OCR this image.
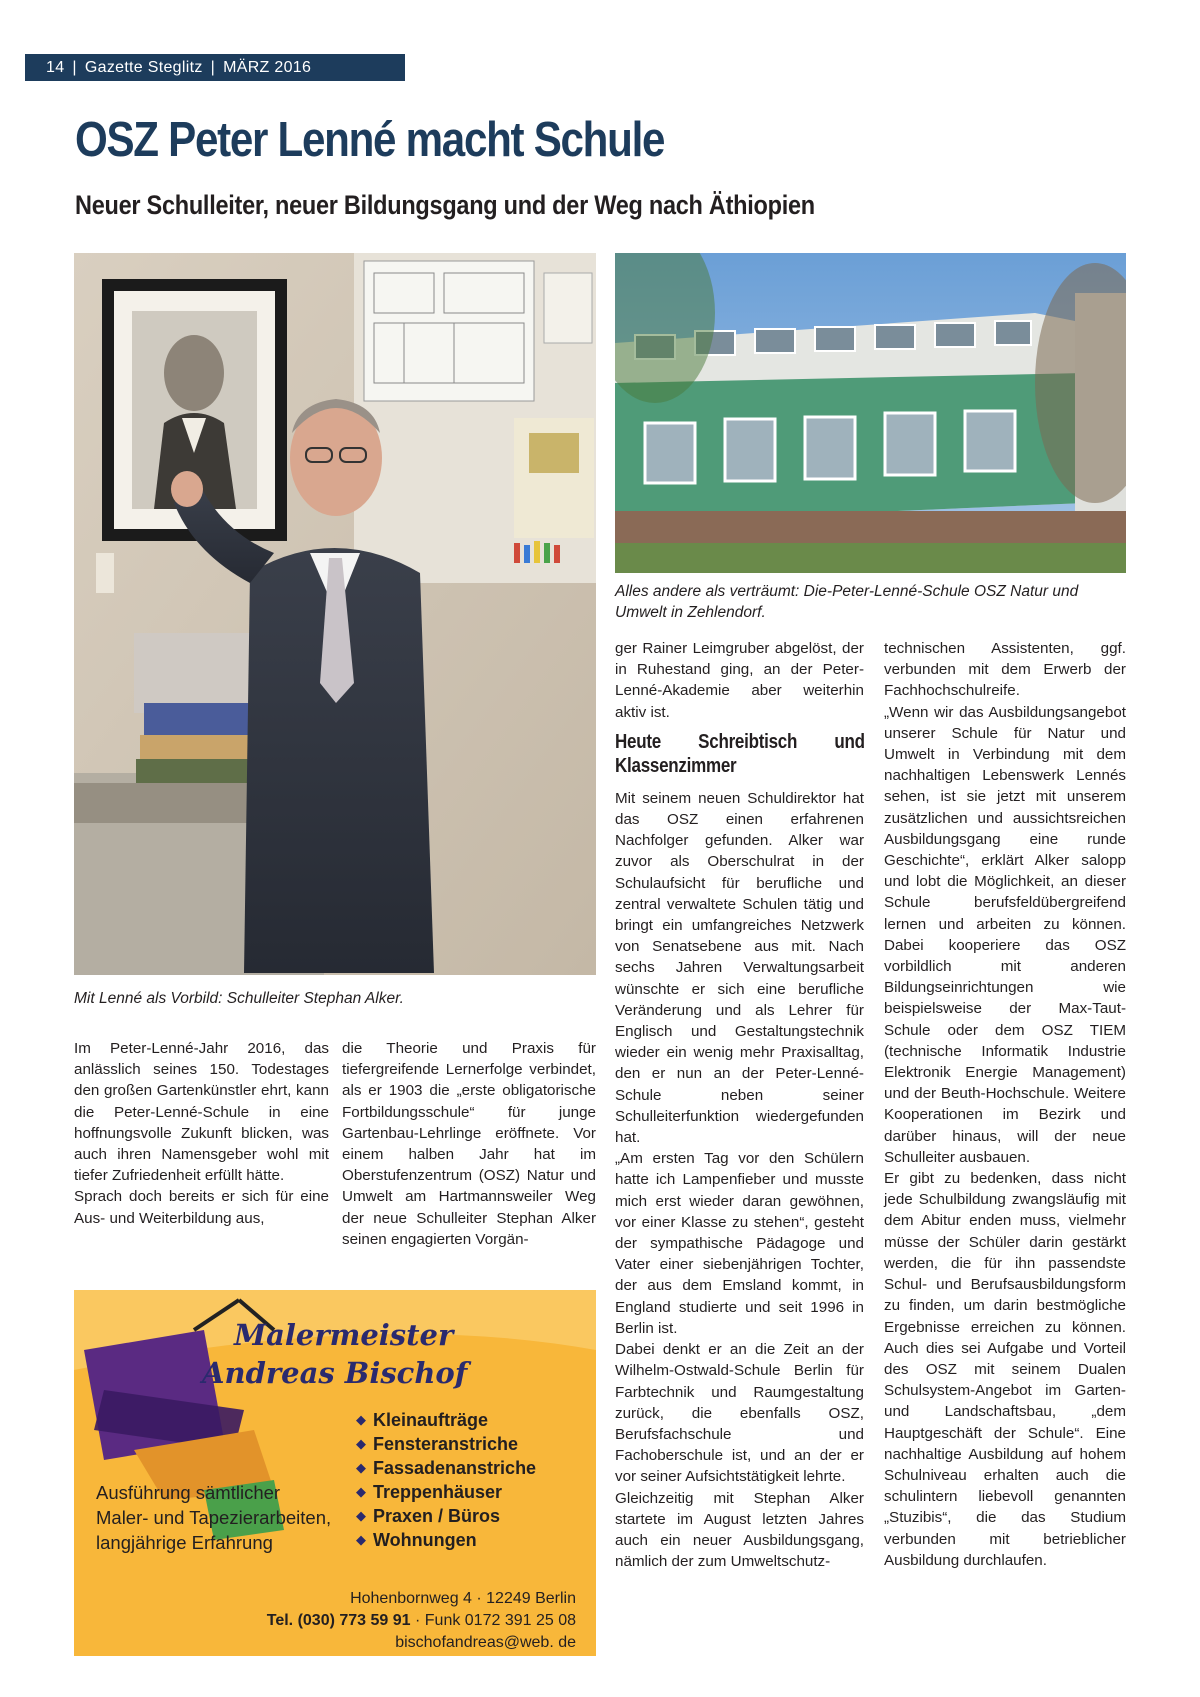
14 | Gazette Steglitz | MÄRZ 2016
OSZ Peter Lenné macht Schule
Neuer Schulleiter, neuer Bildungsgang und der Weg nach Äthiopien
Mit Lenné als Vorbild: Schulleiter Stephan Alker.
Alles andere als verträumt: Die-Peter-Lenné-Schule OSZ Natur und Umwelt in Zehlendorf.

Im Peter-Lenné-Jahr 2016, das anlässlich seines 150. Todestages den großen Gartenkünstler ehrt, kann die Peter-Lenné-Schule in eine hoffnungsvolle Zukunft blicken, was auch ihren Namensgeber wohl mit tiefer Zufriedenheit erfüllt hätte.

Sprach doch bereits er sich für eine Aus- und Weiterbildung aus,

die Theorie und Praxis für tiefergreifende Lernerfolge verbindet, als er 1903 die „erste obligatorische Fortbildungsschule“ für junge Gartenbau-Lehrlinge eröffnete. Vor einem halben Jahr hat im Oberstufenzentrum (OSZ) Natur und Umwelt am Hartmannsweiler Weg der neue Schulleiter Stephan Alker seinen engagierten Vorgän-

ger Rainer Leimgruber abgelöst, der in Ruhestand ging, an der Peter-Lenné-Akademie aber weiterhin aktiv ist.

Heute Schreibtisch und Klassenzimmer

Mit seinem neuen Schuldirektor hat das OSZ einen erfahrenen Nachfolger gefunden. Alker war zuvor als Oberschulrat in der Schulaufsicht für berufliche und zentral verwaltete Schulen tätig und bringt ein umfangreiches Netzwerk von Senatsebene aus mit. Nach sechs Jahren Verwaltungsarbeit wünschte er sich eine berufliche Veränderung und als Lehrer für Englisch und Gestaltungstechnik wieder ein wenig mehr Praxisalltag, den er nun an der Peter-Lenné-Schule neben seiner Schulleiterfunktion wiedergefunden hat.

„Am ersten Tag vor den Schülern hatte ich Lampenfieber und musste mich erst wieder daran gewöhnen, vor einer Klasse zu stehen“, gesteht der sympathische Pädagoge und Vater einer siebenjährigen Tochter, der aus dem Emsland kommt, in England studierte und seit 1996 in Berlin ist.

Dabei denkt er an die Zeit an der Wilhelm-Ostwald-Schule Berlin für Farbtechnik und Raumgestaltung zurück, die ebenfalls OSZ, Berufsfachschule und Fachoberschule ist, und an der er vor seiner Aufsichtstätigkeit lehrte.

Gleichzeitig mit Stephan Alker startete im August letzten Jahres auch ein neuer Ausbildungsgang, nämlich der zum Umweltschutz-

technischen Assistenten, ggf. verbunden mit dem Erwerb der Fachhochschulreife.

„Wenn wir das Ausbildungsangebot unserer Schule für Natur und Umwelt in Verbindung mit dem nachhaltigen Lebenswerk Lennés sehen, ist sie jetzt mit unserem zusätzlichen und aussichtsreichen Ausbildungsgang eine runde Geschichte“, erklärt Alker salopp und lobt die Möglichkeit, an dieser Schule berufsfeldübergreifend lernen und arbeiten zu können. Dabei kooperiere das OSZ vorbildlich mit anderen Bildungseinrichtungen wie beispielsweise der Max-Taut-Schule oder dem OSZ TIEM (technische Informatik Industrie Elektronik Energie Management) und der Beuth-Hochschule. Weitere Kooperationen im Bezirk und darüber hinaus, will der neue Schulleiter ausbauen.

Er gibt zu bedenken, dass nicht jede Schulbildung zwangsläufig mit dem Abitur enden muss, vielmehr müsse der Schüler darin gestärkt werden, die für ihn passendste Schul- und Berufsausbildungsform zu finden, um darin bestmögliche Ergebnisse erreichen zu können. Auch dies sei Aufgabe und Vorteil des OSZ mit seinem Dualen Schulsystem-Angebot im Garten- und Landschaftsbau, „dem Hauptgeschäft der Schule“. Eine nachhaltige Ausbildung auf hohem Schulniveau erhalten auch die schulintern liebevoll genannten „Stuzibis“, die das Studium verbunden mit betrieblicher Ausbildung durchlaufen.

Malermeister
Andreas Bischof
◆ Kleinaufträge
◆ Fensteranstriche
◆ Fassadenanstriche
◆ Treppenhäuser
◆ Praxen / Büros
◆ Wohnungen
Ausführung sämtlicher
Maler- und Tapezierarbeiten,
langjährige Erfahrung
Hohenbornweg 4 · 12249 Berlin
Tel. (030) 773 59 91 · Funk 0172 391 25 08
bischofandreas@web. de
